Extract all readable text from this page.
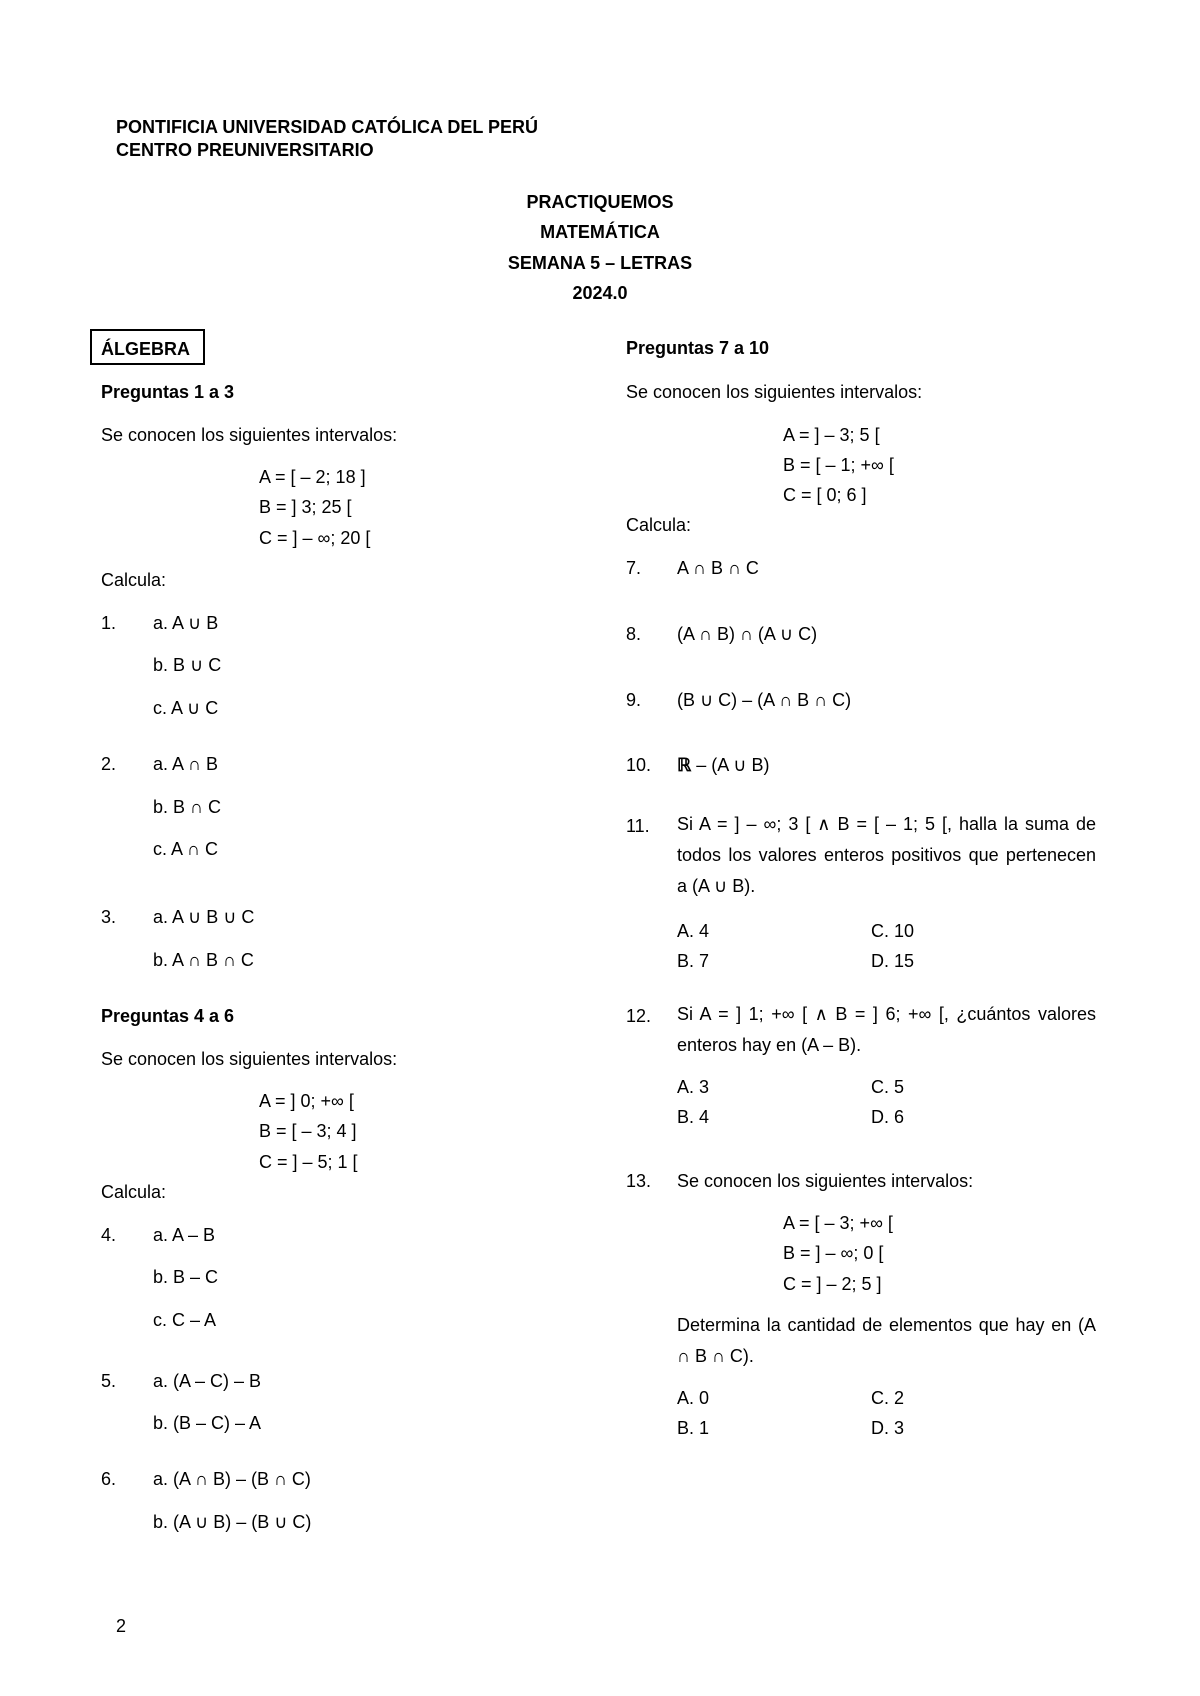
PONTIFICIA UNIVERSIDAD CATÓLICA DEL PERÚ
CENTRO PREUNIVERSITARIO
PRACTIQUEMOS
MATEMÁTICA
SEMANA 5 – LETRAS
2024.0
ÁLGEBRA
Preguntas 1 a 3
Se conocen los siguientes intervalos:
A = [ – 2; 18 ]
B = ] 3; 25 [
C = ] – ∞; 20 [
Calcula:
1. a. A ∪ B
b. B ∪ C
c. A ∪ C
2. a. A ∩ B
b. B ∩ C
c. A ∩ C
3. a. A ∪ B ∪ C
b. A ∩ B ∩ C
Preguntas 4 a 6
Se conocen los siguientes intervalos:
A = ] 0; +∞ [
B = [ – 3; 4 ]
C = ] – 5; 1 [
Calcula:
4. a. A – B
b. B – C
c. C – A
5. a. (A – C) – B
b. (B – C) – A
6. a. (A ∩ B) – (B ∩ C)
b. (A ∪ B) – (B ∪ C)
Preguntas 7 a 10
Se conocen los siguientes intervalos:
A = ] – 3; 5 [
B = [ – 1; +∞ [
C = [ 0; 6 ]
Calcula:
7. A ∩ B ∩ C
8. (A ∩ B) ∩ (A ∪ C)
9. (B ∪ C) – (A ∩ B ∩ C)
10. ℝ – (A ∪ B)
11. Si A = ] – ∞; 3 [ ∧ B = [ – 1; 5 [, halla la suma de todos los valores enteros positivos que pertenecen a (A ∪ B).
A. 4	C. 10
B. 7	D. 15
12. Si A = ] 1; +∞ [ ∧ B = ] 6; +∞ [, ¿cuántos valores enteros hay en (A – B).
A. 3	C. 5
B. 4	D. 6
13. Se conocen los siguientes intervalos:
A = [ – 3; +∞ [
B = ] – ∞; 0 [
C = ] – 2; 5 ]
Determina la cantidad de elementos que hay en (A ∩ B ∩ C).
A. 0	C. 2
B. 1	D. 3
2
